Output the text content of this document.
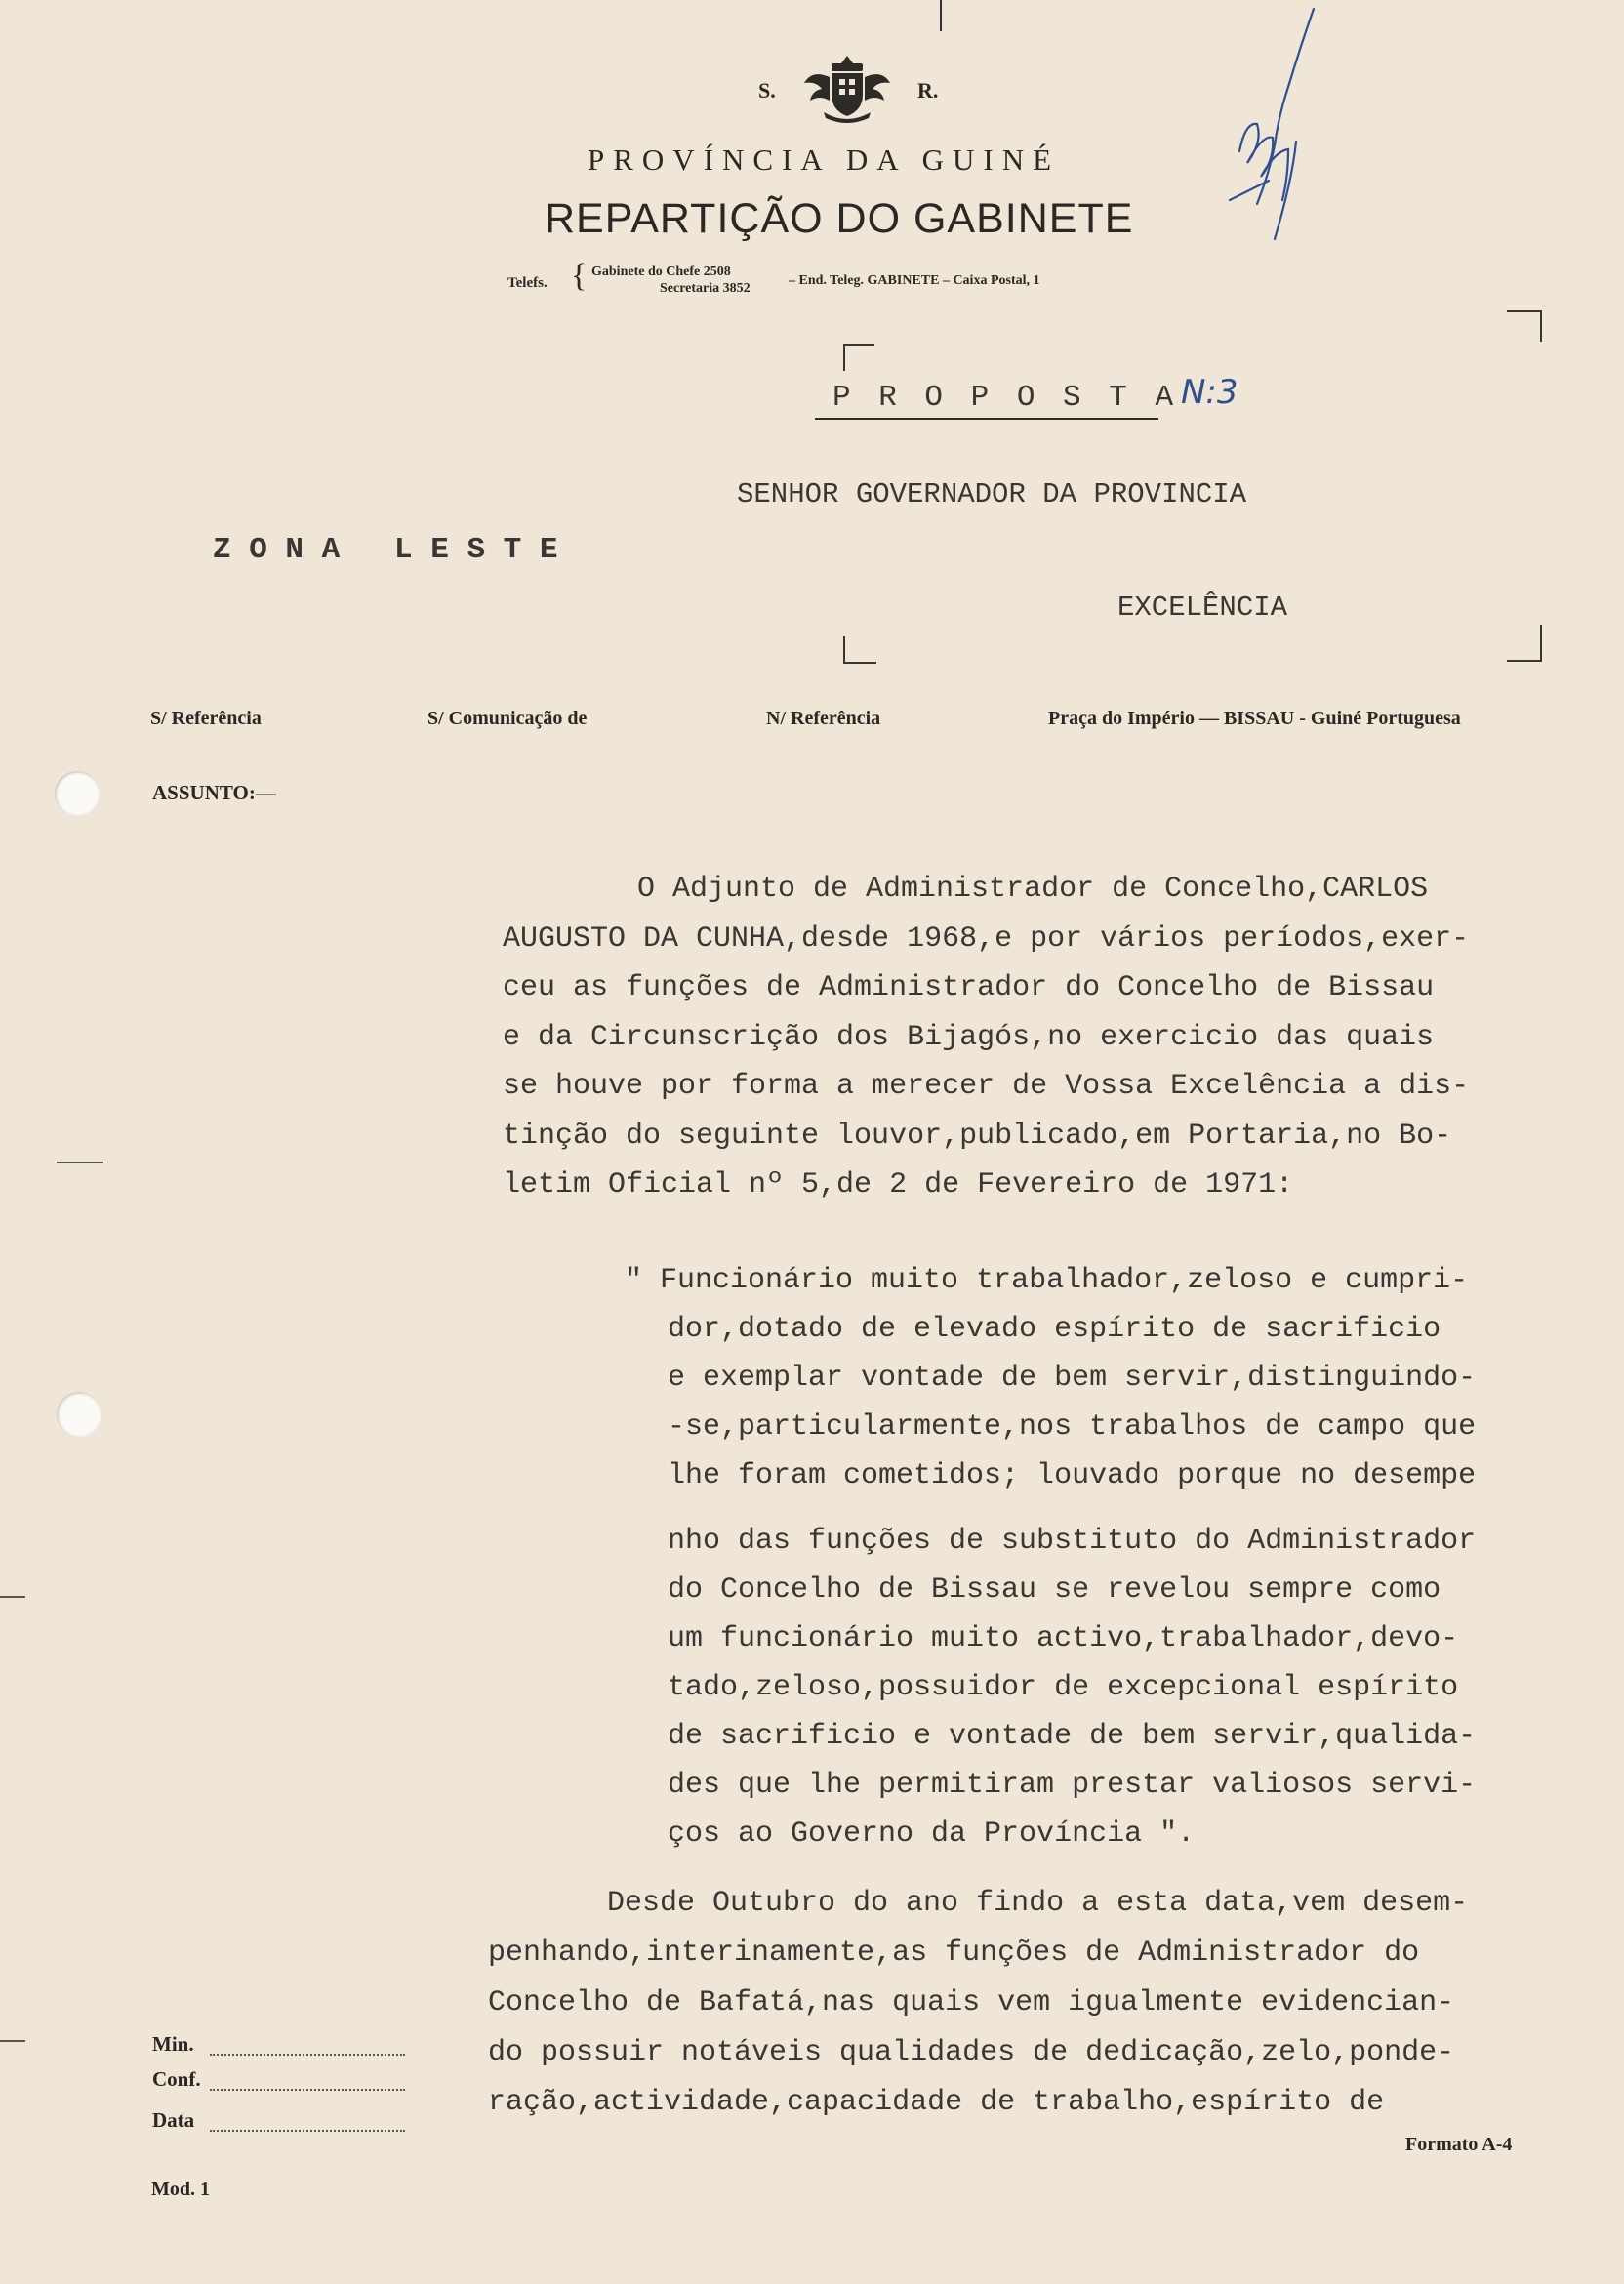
S.	R.
PROVÍNCIA DA GUINÉ
REPARTIÇÃO DO GABINETE
Telefs. { Gabinete do Chefe 2508
Secretaria 3852
– End. Teleg. GABINETE – Caixa Postal, 1
P R O P O S T A N:3
SENHOR GOVERNADOR DA PROVINCIA
Z O N A   L E S T E
EXCELÊNCIA
S/ Referência	S/ Comunicação de	N/ Referência	Praça do Império — BISSAU - Guiné Portuguesa
ASSUNTO:—
O Adjunto de Administrador de Concelho,CARLOS
AUGUSTO DA CUNHA,desde 1968,e por vários períodos,exer-
ceu as funções de Administrador do Concelho de Bissau
e da Circunscrição dos Bijagós,no exercicio das quais
se houve por forma a merecer de Vossa Excelência a dis-
tinção do seguinte louvor,publicado,em Portaria,no Bo-
letim Oficial nº 5,de 2 de Fevereiro de 1971:
" Funcionário muito trabalhador,zeloso e cumpri-
dor,dotado de elevado espírito de sacrificio
e exemplar vontade de bem servir,distinguindo-
-se,particularmente,nos trabalhos de campo que
lhe foram cometidos; louvado porque no desempe
nho das funções de substituto do Administrador
do Concelho de Bissau se revelou sempre como
um funcionário muito activo,trabalhador,devo-
tado,zeloso,possuidor de excepcional espírito
de sacrificio e vontade de bem servir,qualida-
des que lhe permitiram prestar valiosos servi-
ços ao Governo da Província ".
Desde Outubro do ano findo a esta data,vem desem-
penhando,interinamente,as funções de Administrador do
Concelho de Bafatá,nas quais vem igualmente evidencian-
do possuir notáveis qualidades de dedicação,zelo,ponde-
ração,actividade,capacidade de trabalho,espírito de
Min.
Conf.
Data
Formato A-4
Mod. 1
